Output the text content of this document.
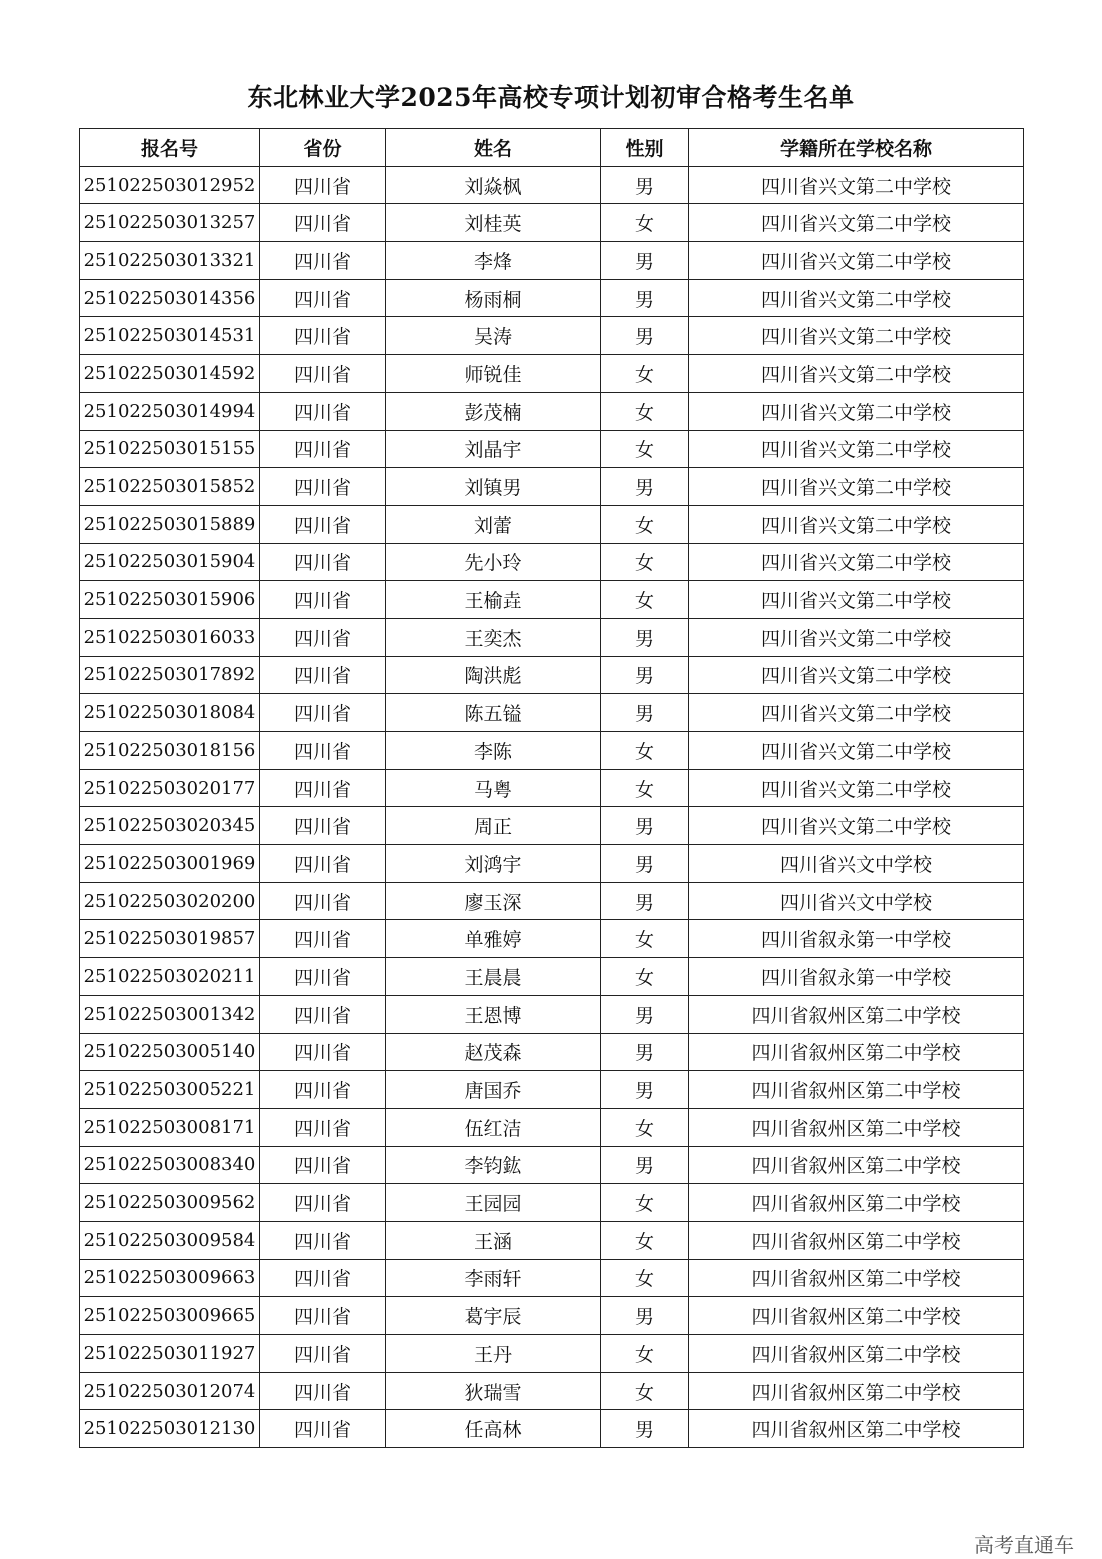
东北林业大学2025年高校专项计划初审合格考生名单
报名号	省份	姓名	性别	学籍所在学校名称
251022503012952	四川省	刘焱枫	男	四川省兴文第二中学校
251022503013257	四川省	刘桂英	女	四川省兴文第二中学校
251022503013321	四川省	李烽	男	四川省兴文第二中学校
251022503014356	四川省	杨雨桐	男	四川省兴文第二中学校
251022503014531	四川省	吴涛	男	四川省兴文第二中学校
251022503014592	四川省	师锐佳	女	四川省兴文第二中学校
251022503014994	四川省	彭茂楠	女	四川省兴文第二中学校
251022503015155	四川省	刘晶宇	女	四川省兴文第二中学校
251022503015852	四川省	刘镇男	男	四川省兴文第二中学校
251022503015889	四川省	刘蕾	女	四川省兴文第二中学校
251022503015904	四川省	先小玲	女	四川省兴文第二中学校
251022503015906	四川省	王榆垚	女	四川省兴文第二中学校
251022503016033	四川省	王奕杰	男	四川省兴文第二中学校
251022503017892	四川省	陶洪彪	男	四川省兴文第二中学校
251022503018084	四川省	陈五镒	男	四川省兴文第二中学校
251022503018156	四川省	李陈	女	四川省兴文第二中学校
251022503020177	四川省	马粤	女	四川省兴文第二中学校
251022503020345	四川省	周正	男	四川省兴文第二中学校
251022503001969	四川省	刘鸿宇	男	四川省兴文中学校
251022503020200	四川省	廖玉深	男	四川省兴文中学校
251022503019857	四川省	单雅婷	女	四川省叙永第一中学校
251022503020211	四川省	王晨晨	女	四川省叙永第一中学校
251022503001342	四川省	王恩博	男	四川省叙州区第二中学校
251022503005140	四川省	赵茂森	男	四川省叙州区第二中学校
251022503005221	四川省	唐国乔	男	四川省叙州区第二中学校
251022503008171	四川省	伍红洁	女	四川省叙州区第二中学校
251022503008340	四川省	李钧鈜	男	四川省叙州区第二中学校
251022503009562	四川省	王园园	女	四川省叙州区第二中学校
251022503009584	四川省	王涵	女	四川省叙州区第二中学校
251022503009663	四川省	李雨轩	女	四川省叙州区第二中学校
251022503009665	四川省	葛宇辰	男	四川省叙州区第二中学校
251022503011927	四川省	王丹	女	四川省叙州区第二中学校
251022503012074	四川省	狄瑞雪	女	四川省叙州区第二中学校
251022503012130	四川省	任高林	男	四川省叙州区第二中学校
高考直通车
